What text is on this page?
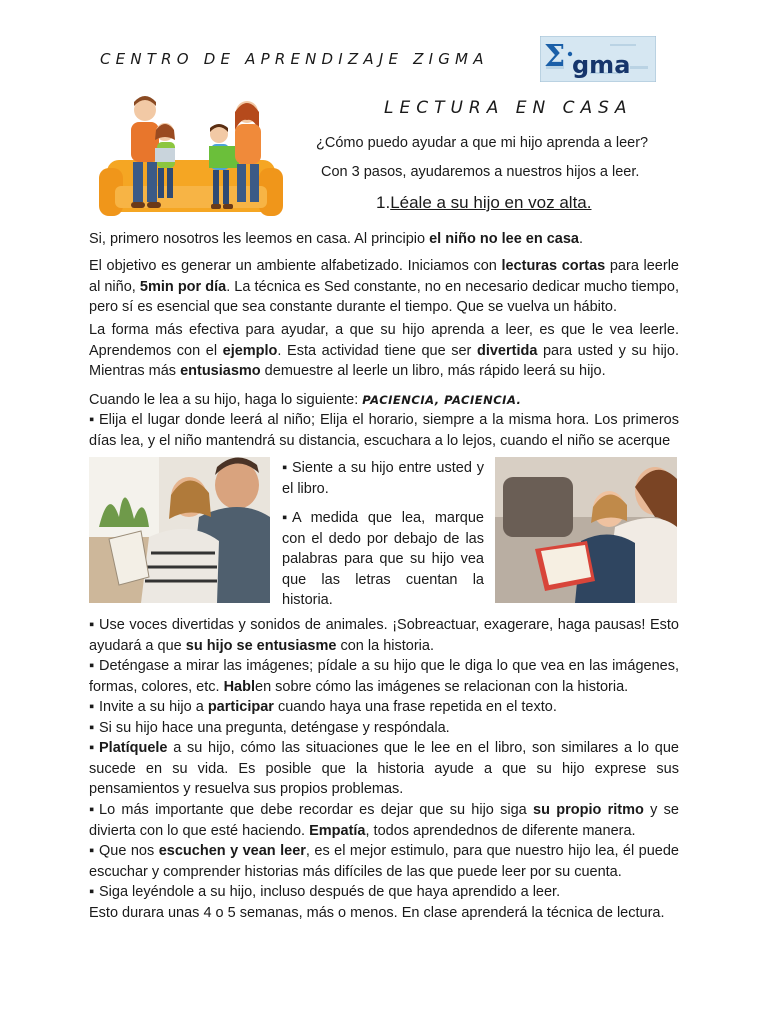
CENTRO DE APRENDIZAJE ZIGMA Σ gma
LECTURA EN CASA
¿Cómo puedo ayudar a que mi hijo aprenda a leer?
Con 3 pasos, ayudaremos a nuestros hijos a leer.
1.Léale a su hijo en voz alta.
Si, primero nosotros les leemos en casa. Al principio el niño no lee en casa.
El objetivo es generar un ambiente alfabetizado. Iniciamos con lecturas cortas para leerle al niño, 5min por día. La técnica es Sed constante, no en necesario dedicar mucho tiempo, pero sí es esencial que sea constante durante el tiempo. Que se vuelva un hábito.
La forma más efectiva para ayudar, a que su hijo aprenda a leer, es que le vea leerle. Aprendemos con el ejemplo. Esta actividad tiene que ser divertida para usted y su hijo. Mientras más entusiasmo demuestre al leerle un libro, más rápido leerá su hijo.
Cuando le lea a su hijo, haga lo siguiente: PACIENCIA, PACIENCIA.
▪ Elija el lugar donde leerá al niño; Elija el horario, siempre a la misma hora. Los primeros días lea, y el niño mantendrá su distancia, escuchara a lo lejos, cuando el niño se acerque
▪ Siente a su hijo entre usted y el libro.
▪ A medida que lea, marque con el dedo por debajo de las palabras para que su hijo vea que las letras cuentan la historia.
▪ Use voces divertidas y sonidos de animales. ¡Sobreactuar, exagerare, haga pausas! Esto ayudará a que su hijo se entusiasme con la historia.
▪ Deténgase a mirar las imágenes; pídale a su hijo que le diga lo que vea en las imágenes, formas, colores, etc. Hablen sobre cómo las imágenes se relacionan con la historia.
▪ Invite a su hijo a participar cuando haya una frase repetida en el texto.
▪ Si su hijo hace una pregunta, deténgase y respóndala.
▪ Platíquele a su hijo, cómo las situaciones que le lee en el libro, son similares a lo que sucede en su vida. Es posible que la historia ayude a que su hijo exprese sus pensamientos y resuelva sus propios problemas.
▪ Lo más importante que debe recordar es dejar que su hijo siga su propio ritmo y se divierta con lo que esté haciendo. Empatía, todos aprendednos de diferente manera.
▪ Que nos escuchen y vean leer, es el mejor estimulo, para que nuestro hijo lea, él puede escuchar y comprender historias más difíciles de las que puede leer por su cuenta.
▪ Siga leyéndole a su hijo, incluso después de que haya aprendido a leer.
Esto durara unas 4 o 5 semanas, más o menos. En clase aprenderá la técnica de lectura.
